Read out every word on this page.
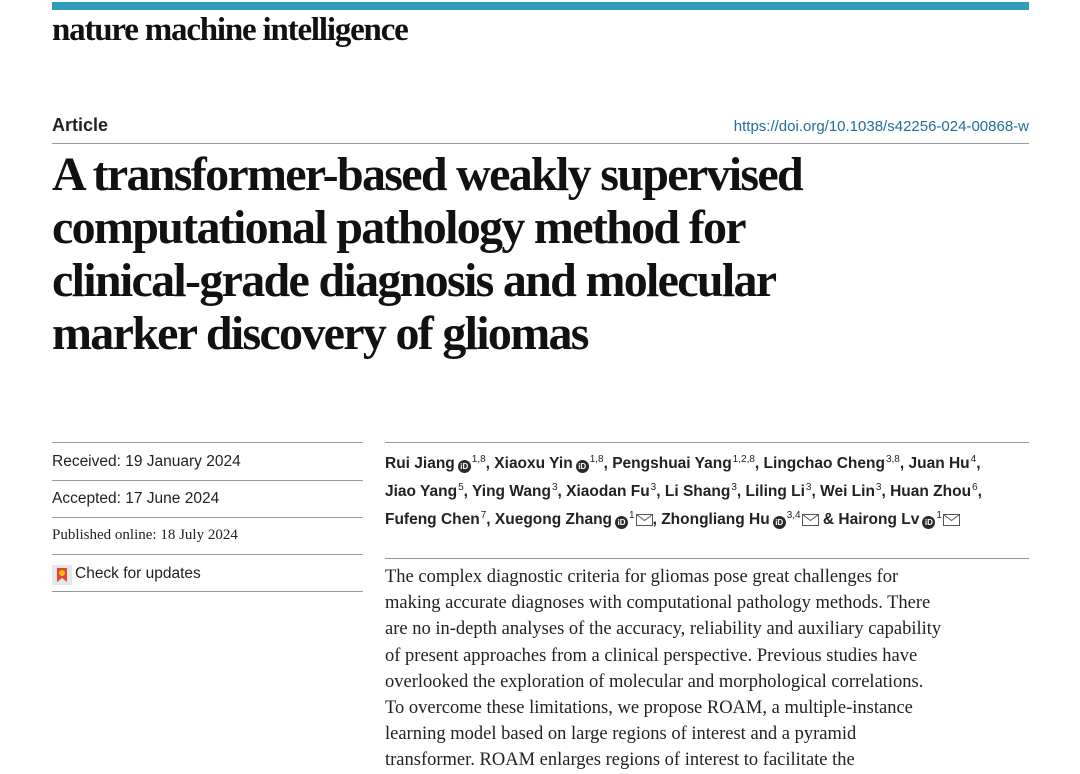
nature machine intelligence
Article	https://doi.org/10.1038/s42256-024-00868-w
A transformer-based weakly supervised
computational pathology method for
clinical-grade diagnosis and molecular
marker discovery of gliomas
Received: 19 January 2024
Accepted: 17 June 2024
Published online: 18 July 2024
Check for updates

Rui Jiang iD$^{1,8}$, Xiaoxu Yin iD$^{1,8}$, Pengshuai Yang$^{1,2,8}$, Lingchao Cheng$^{3,8}$, Juan Hu$^4$, Jiao Yang$^5$, Ying Wang$^3$, Xiaodan Fu$^3$, Li Shang$^3$, Liling Li$^3$, Wei Lin$^3$, Huan Zhou$^6$, Fufeng Chen$^7$, Xuegong Zhang iD$^1$ , Zhongliang Hu iD$^{3,4}$ & Hairong Lv iD$^1$

The complex diagnostic criteria for gliomas pose great challenges for
making accurate diagnoses with computational pathology methods. There
are no in-depth analyses of the accuracy, reliability and auxiliary capability
of present approaches from a clinical perspective. Previous studies have
overlooked the exploration of molecular and morphological correlations.
To overcome these limitations, we propose ROAM, a multiple-instance
learning model based on large regions of interest and a pyramid
transformer. ROAM enlarges regions of interest to facilitate the
